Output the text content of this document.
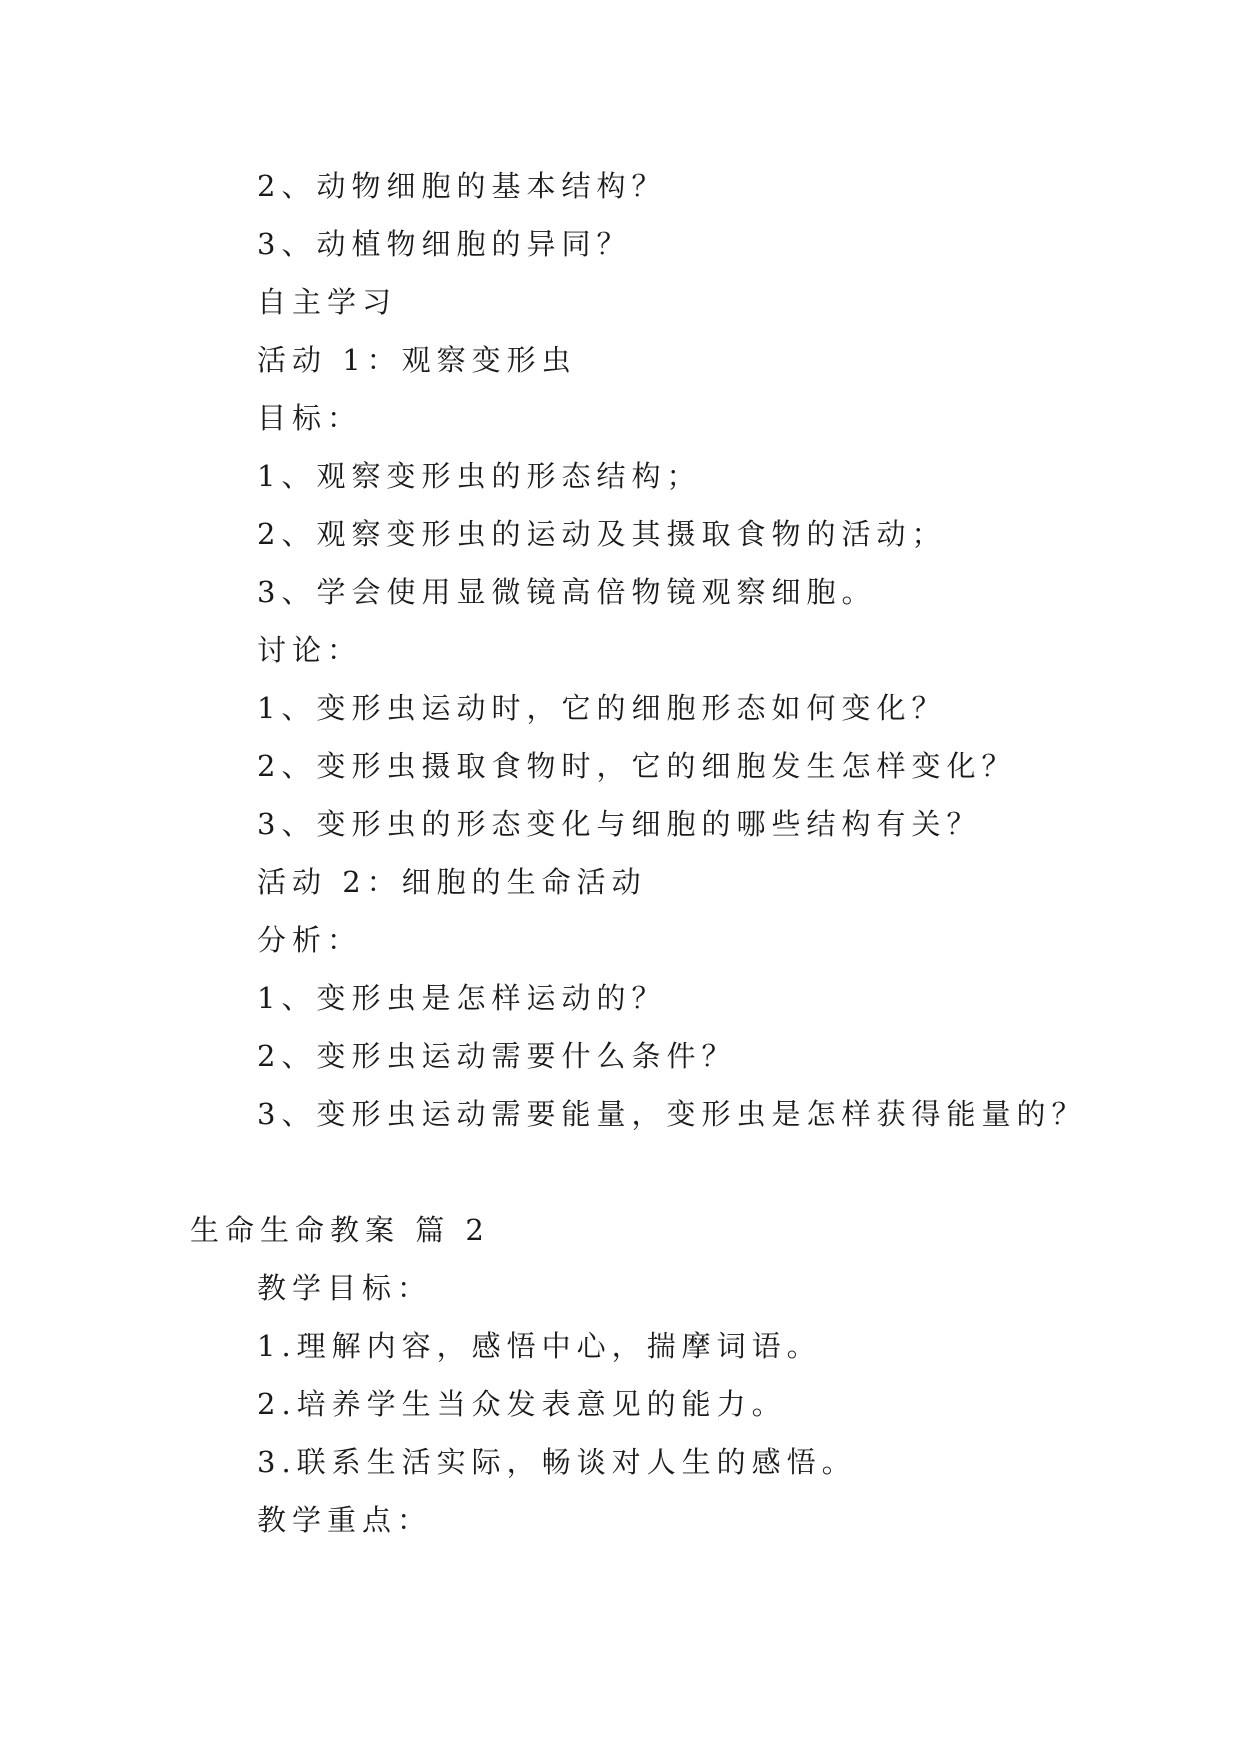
2、动物细胞的基本结构？
3、动植物细胞的异同？
自主学习
活动 1：观察变形虫
目标：
1、观察变形虫的形态结构；
2、观察变形虫的运动及其摄取食物的活动；
3、学会使用显微镜高倍物镜观察细胞。
讨论：
1、变形虫运动时，它的细胞形态如何变化？
2、变形虫摄取食物时，它的细胞发生怎样变化？
3、变形虫的形态变化与细胞的哪些结构有关？
活动 2：细胞的生命活动
分析：
1、变形虫是怎样运动的？
2、变形虫运动需要什么条件？
3、变形虫运动需要能量，变形虫是怎样获得能量的？
生命生命教案 篇 2
教学目标：
1.理解内容，感悟中心，揣摩词语。
2.培养学生当众发表意见的能力。
3.联系生活实际，畅谈对人生的感悟。
教学重点：
